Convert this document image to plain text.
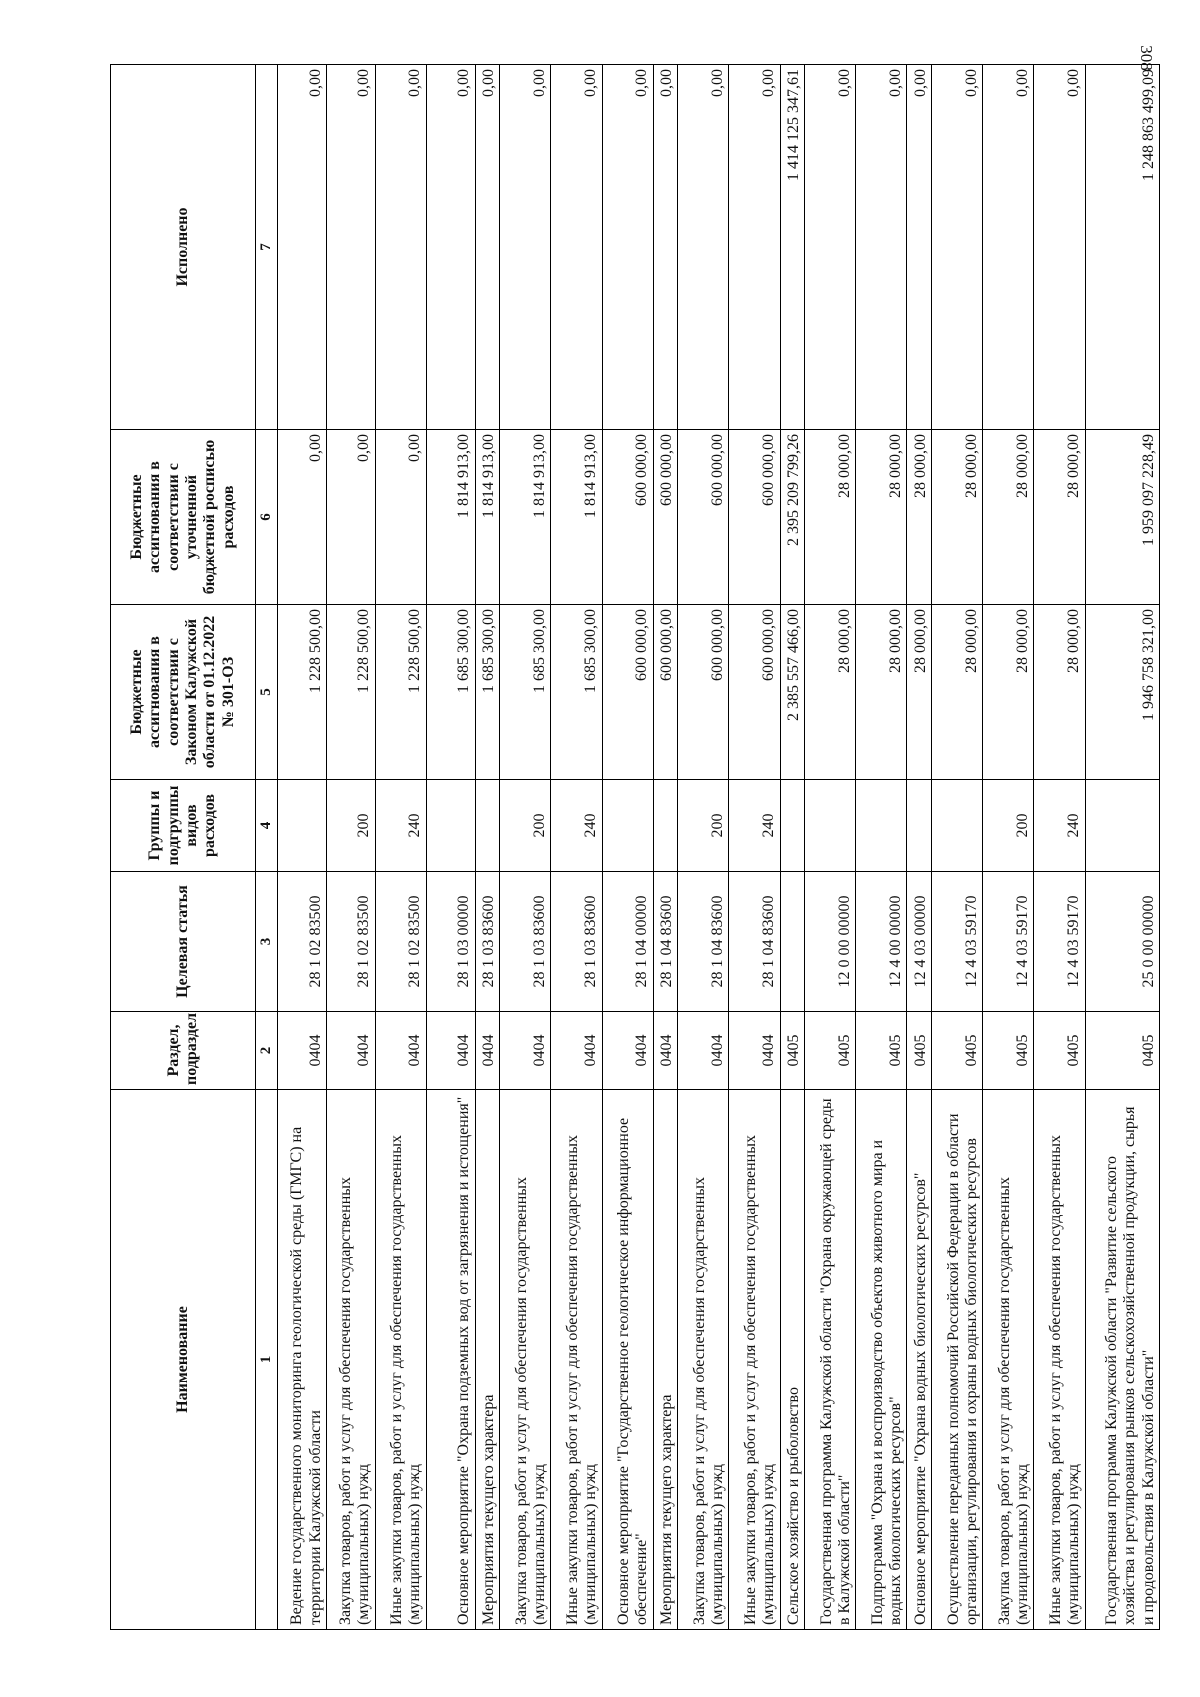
308
Наименование	Раздел, подраздел	Целевая статья	Группы и подгруппы видов расходов	Бюджетные ассигнования в соответствии с Законом Калужской области от 01.12.2022 № 301-ОЗ	Бюджетные ассигнования в соответствии с уточненной бюджетной росписью расходов	Исполнено
1	2	3	4	5	6	7
Ведение государственного мониторинга геологической среды (ГМГС) на территории Калужской области	0404	28 1 02 83500		1 228 500,00	0,00	0,00
Закупка товаров, работ и услуг для обеспечения государственных (муниципальных) нужд	0404	28 1 02 83500	200	1 228 500,00	0,00	0,00
Иные закупки товаров, работ и услуг для обеспечения государственных (муниципальных) нужд	0404	28 1 02 83500	240	1 228 500,00	0,00	0,00
Основное мероприятие "Охрана подземных вод от загрязнения и истощения"	0404	28 1 03 00000		1 685 300,00	1 814 913,00	0,00
Мероприятия текущего характера	0404	28 1 03 83600		1 685 300,00	1 814 913,00	0,00
Закупка товаров, работ и услуг для обеспечения государственных (муниципальных) нужд	0404	28 1 03 83600	200	1 685 300,00	1 814 913,00	0,00
Иные закупки товаров, работ и услуг для обеспечения государственных (муниципальных) нужд	0404	28 1 03 83600	240	1 685 300,00	1 814 913,00	0,00
Основное мероприятие "Государственное геологическое информационное обеспечение"	0404	28 1 04 00000		600 000,00	600 000,00	0,00
Мероприятия текущего характера	0404	28 1 04 83600		600 000,00	600 000,00	0,00
Закупка товаров, работ и услуг для обеспечения государственных (муниципальных) нужд	0404	28 1 04 83600	200	600 000,00	600 000,00	0,00
Иные закупки товаров, работ и услуг для обеспечения государственных (муниципальных) нужд	0404	28 1 04 83600	240	600 000,00	600 000,00	0,00
Сельское хозяйство и рыболовство	0405			2 385 557 466,00	2 395 209 799,26	1 414 125 347,61
Государственная программа Калужской области "Охрана окружающей среды в Калужской области"	0405	12 0 00 00000		28 000,00	28 000,00	0,00
Подпрограмма "Охрана и воспроизводство объектов животного мира и водных биологических ресурсов"	0405	12 4 00 00000		28 000,00	28 000,00	0,00
Основное мероприятие "Охрана водных биологических ресурсов"	0405	12 4 03 00000		28 000,00	28 000,00	0,00
Осуществление переданных полномочий Российской Федерации в области организации, регулирования и охраны водных биологических ресурсов	0405	12 4 03 59170		28 000,00	28 000,00	0,00
Закупка товаров, работ и услуг для обеспечения государственных (муниципальных) нужд	0405	12 4 03 59170	200	28 000,00	28 000,00	0,00
Иные закупки товаров, работ и услуг для обеспечения государственных (муниципальных) нужд	0405	12 4 03 59170	240	28 000,00	28 000,00	0,00
Государственная программа Калужской области "Развитие сельского хозяйства и регулирования рынков сельскохозяйственной продукции, сырья и продовольствия в Калужской области"	0405	25 0 00 00000		1 946 758 321,00	1 959 097 228,49	1 248 863 499,09
